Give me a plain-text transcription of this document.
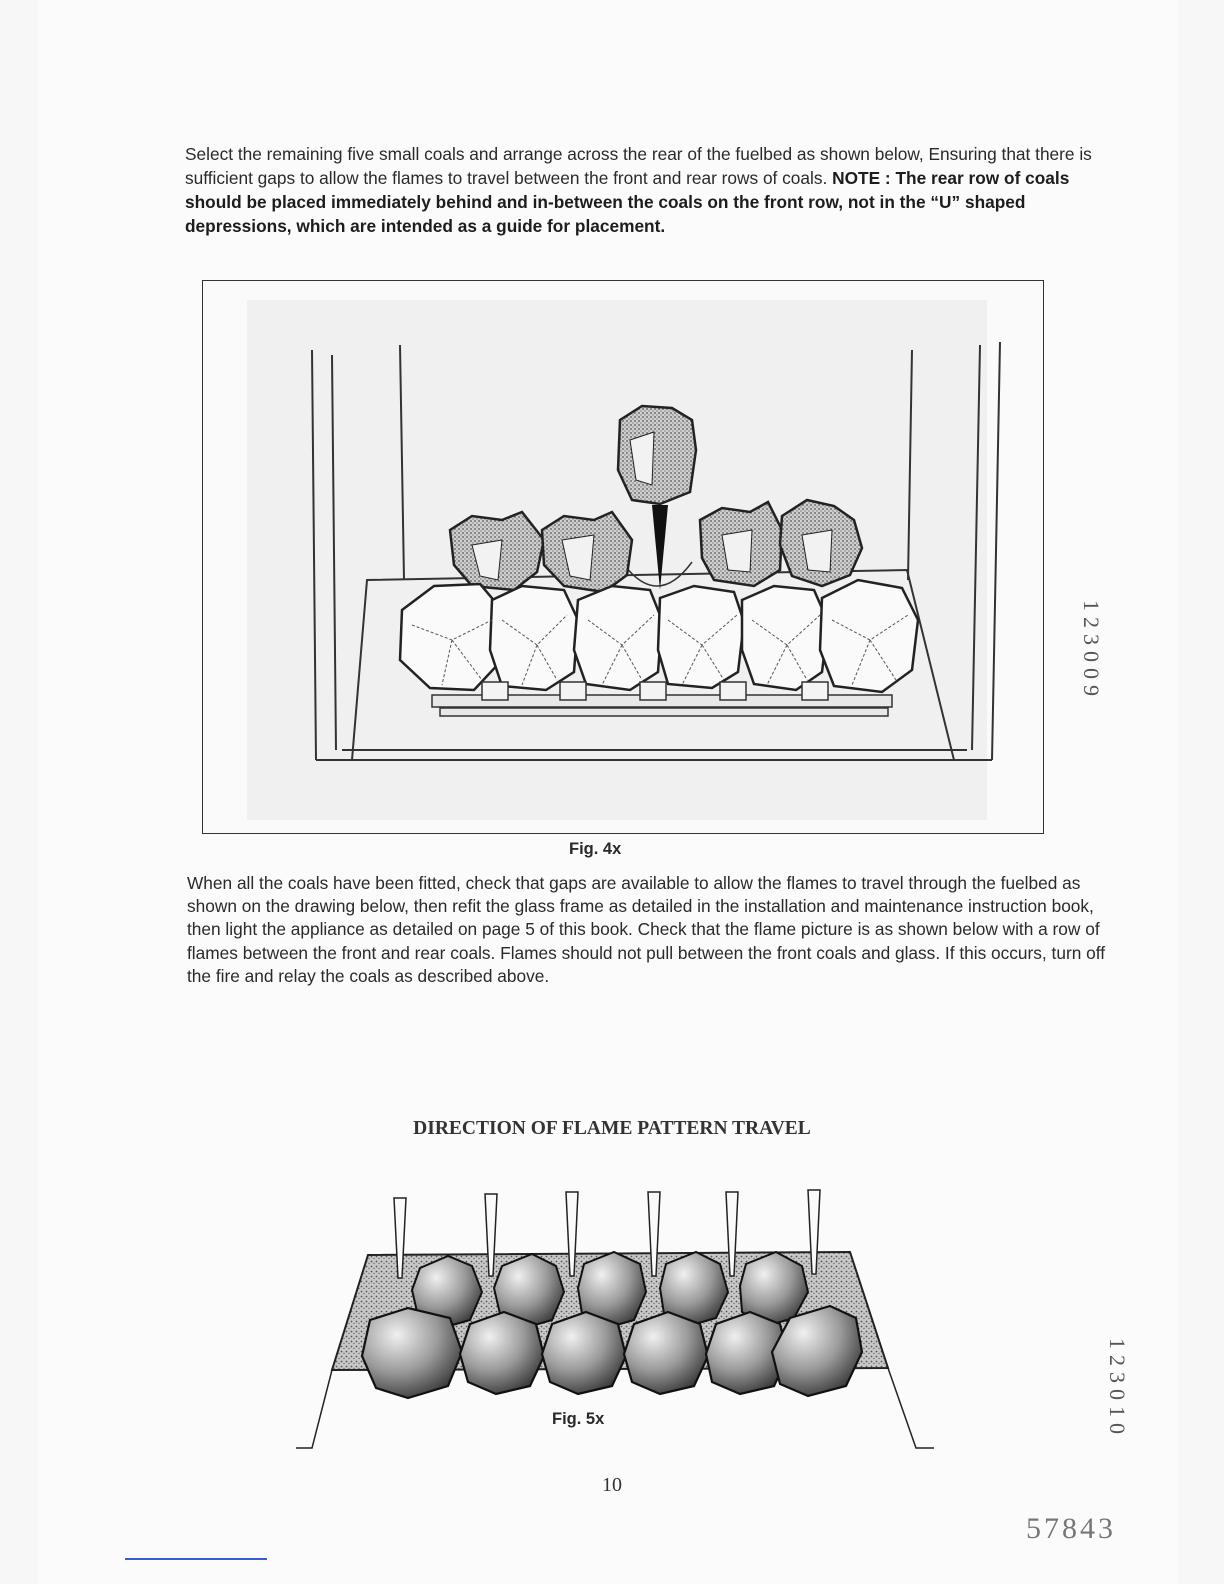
Select the remaining five small coals and arrange across the rear of the fuelbed as shown below, Ensuring that there is sufficient gaps to allow the flames to travel between the front and rear rows of coals. NOTE : The rear row of coals should be placed immediately behind and in-between the coals on the front row, not in the “U” shaped depressions, which are intended as a guide for placement.
Fig. 4x
123009
When all the coals have been fitted, check that gaps are available to allow the flames to travel through the fuelbed as shown on the drawing below, then refit the glass frame as detailed in the installation and maintenance instruction book, then light the appliance as detailed on page 5 of this book. Check that the flame picture is as shown below with a row of flames between the front and rear coals. Flames should not pull between the front coals and glass. If this occurs, turn off the fire and relay the coals as described above.
DIRECTION OF FLAME PATTERN TRAVEL
Fig. 5x	123010
10
57843
